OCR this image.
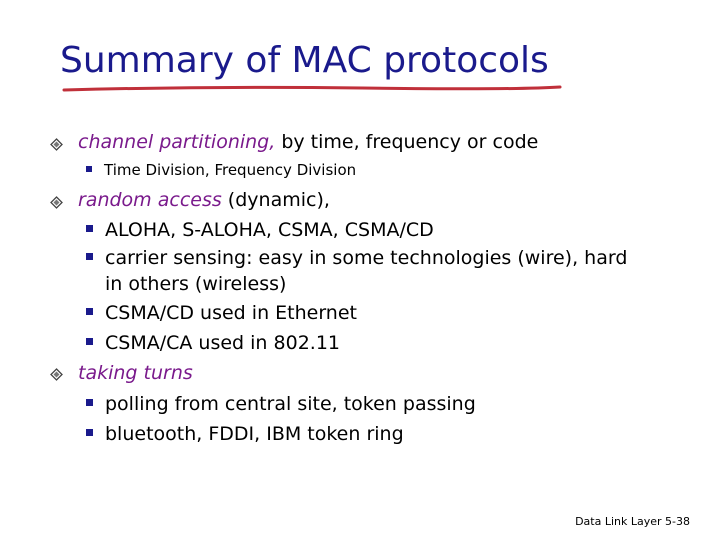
Summary of MAC protocols
channel partitioning, by time, frequency or code
Time Division, Frequency Division
random access (dynamic),
ALOHA, S-ALOHA, CSMA, CSMA/CD
carrier sensing: easy in some technologies (wire), hard
in others (wireless)
CSMA/CD used in Ethernet
CSMA/CA used in 802.11
taking turns
polling from central site, token passing
bluetooth, FDDI, IBM token ring
Data Link Layer 5-38
